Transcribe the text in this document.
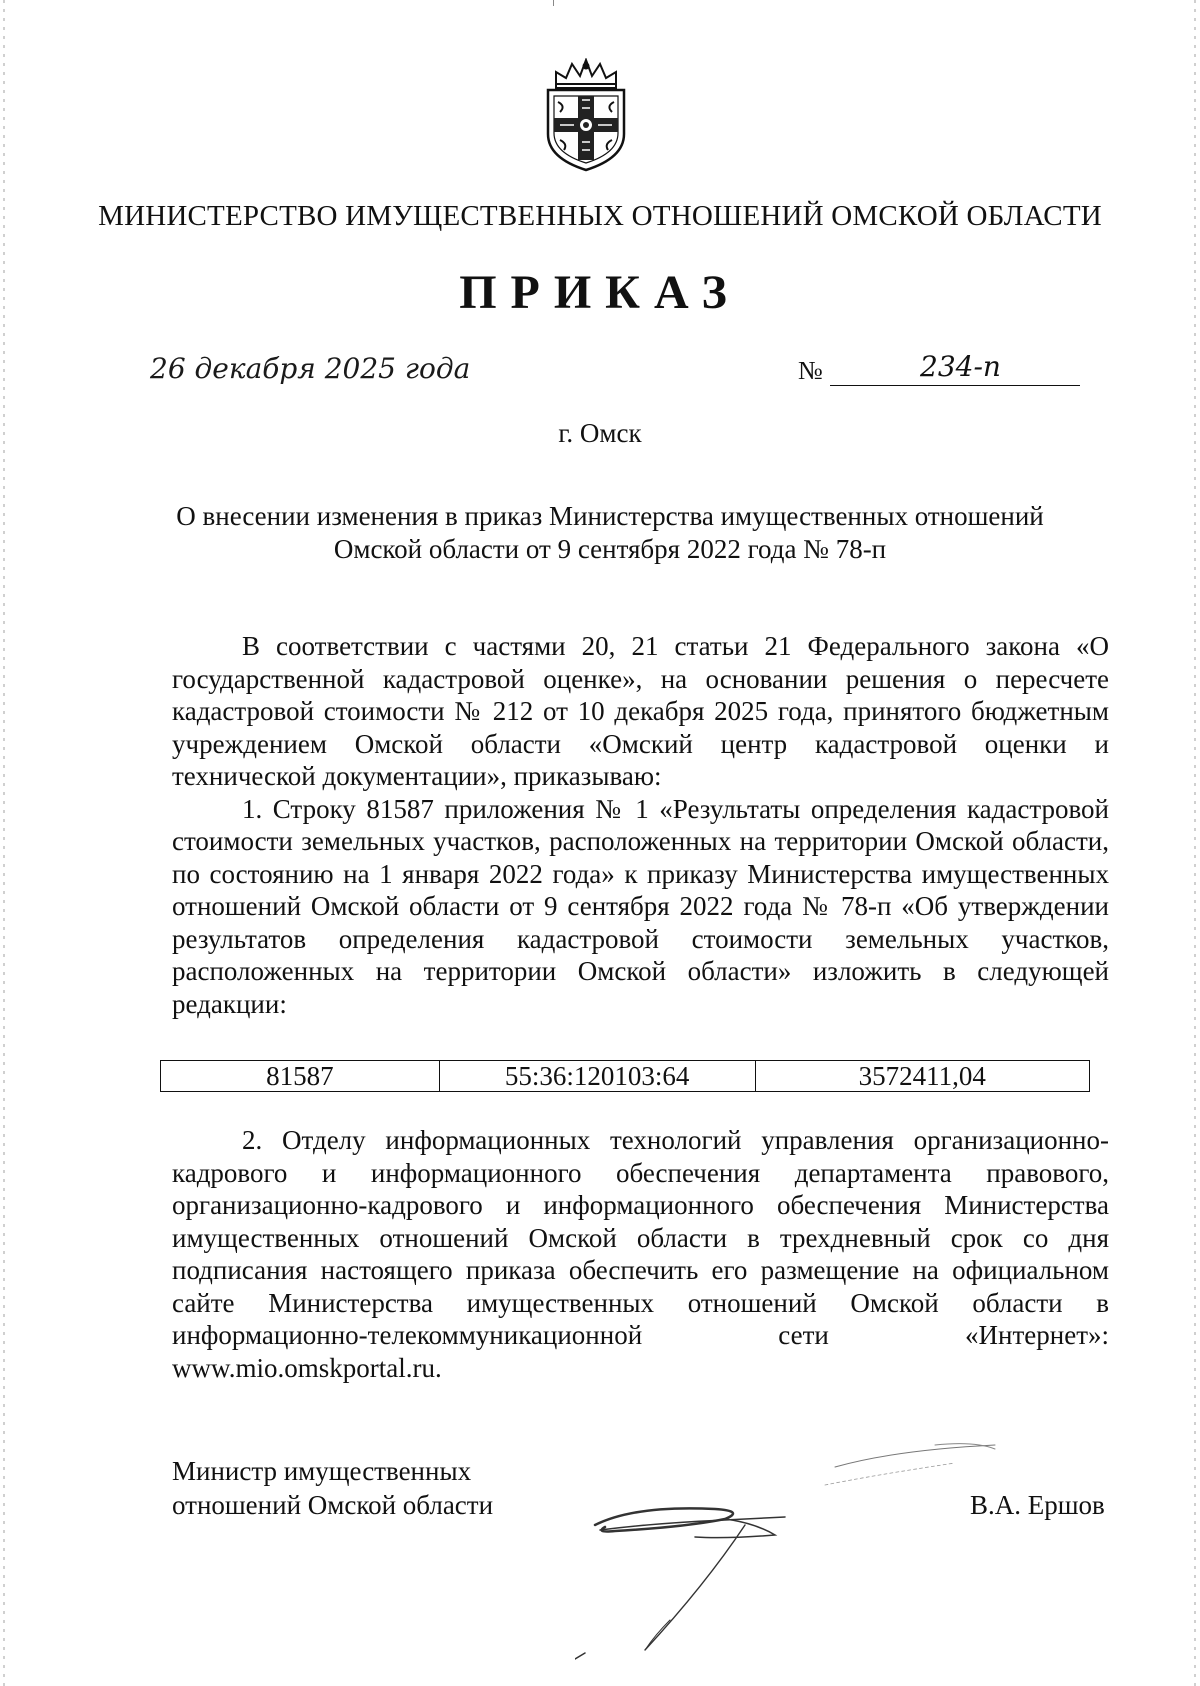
МИНИСТЕРСТВО ИМУЩЕСТВЕННЫХ ОТНОШЕНИЙ ОМСКОЙ ОБЛАСТИ
ПРИКАЗ
26 декабря 2025 года	№	234-п
г. Омск
О внесении изменения в приказ Министерства имущественных отношений
Омской области от 9 сентября 2022 года № 78-п

В соответствии с частями 20, 21 статьи 21 Федерального закона «О государственной кадастровой оценке», на основании решения о пересчете кадастровой стоимости № 212 от 10 декабря 2025 года, принятого бюджетным учреждением Омской области «Омский центр кадастровой оценки и технической документации», приказываю:

1. Строку 81587 приложения № 1 «Результаты определения кадастровой стоимости земельных участков, расположенных на территории Омской области, по состоянию на 1 января 2022 года» к приказу Министерства имущественных отношений Омской области от 9 сентября 2022 года № 78-п «Об утверждении результатов определения кадастровой стоимости земельных участков, расположенных на территории Омской области» изложить в следующей редакции:

81587	55:36:120103:64	3572411,04

2. Отделу информационных технологий управления организационно-кадрового и информационного обеспечения департамента правового, организационно-кадрового и информационного обеспечения Министерства имущественных отношений Омской области в трехдневный срок со дня подписания настоящего приказа обеспечить его размещение на официальном сайте Министерства имущественных отношений Омской области в информационно-телекоммуникационной сети «Интернет»: www.mio.omskportal.ru.

Министр имущественных
отношений Омской области	В.А. Ершов
